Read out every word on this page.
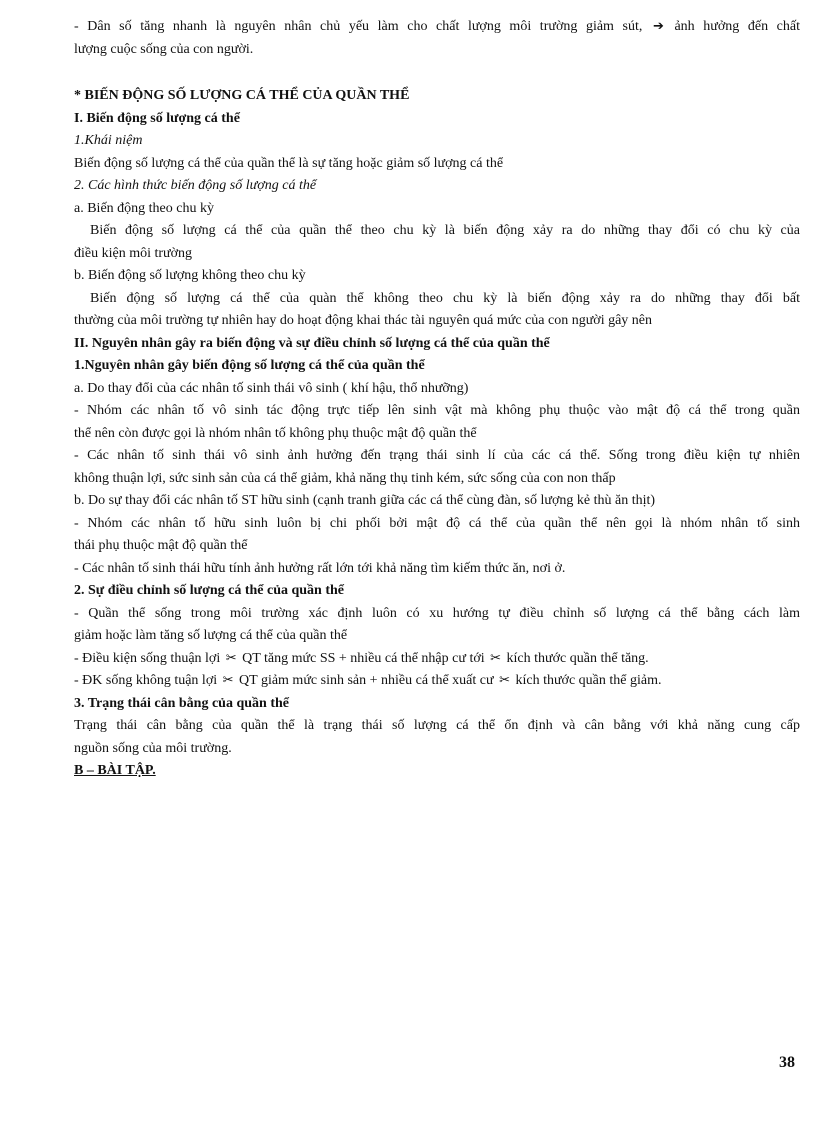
- Dân số tăng nhanh là nguyên nhân chủ yếu làm cho chất lượng môi trường giảm sút, ➔ ảnh hưởng đến chất

lượng cuộc sống của con người.

* BIẾN ĐỘNG SỐ LƯỢNG CÁ THỂ CỦA QUẦN THỂ

I. Biến động số lượng cá thể

1.Khái niệm

Biến động số lượng cá thể của quần thể là sự tăng hoặc giảm số lượng cá thể

2. Các hình thức biến động số lượng cá thể

a. Biến động theo chu kỳ

Biến động số lượng cá thể của quần thể theo chu kỳ là biến động xảy ra do những thay đổi có chu kỳ của

điều kiện môi trường

b. Biến động số lượng không theo chu kỳ

Biến động số lượng cá thể của quàn thể không theo chu kỳ là biến động xảy ra do những thay đổi bất

thường của môi trường tự nhiên hay do hoạt động khai thác tài nguyên quá mức của con người gây nên

II. Nguyên nhân gây ra biến động và sự điều chỉnh số lượng cá thể của quần thể

1.Nguyên nhân gây biến động số lượng cá thể của quần thể

a. Do thay đổi của các nhân tố sinh thái vô sinh ( khí hậu, thổ nhưỡng)

- Nhóm các nhân tố vô sinh tác động trực tiếp lên sinh vật mà không phụ thuộc vào mật độ cá thể trong quần

thể nên còn được gọi là nhóm nhân tố không phụ thuộc mật độ quần thể

- Các nhân tố sinh thái vô sinh ảnh hưởng đến trạng thái sinh lí của các cá thể. Sống trong điều kiện tự nhiên

không thuận lợi, sức sinh sản của cá thể giảm, khả năng thụ tinh kém, sức sống của con non thấp

b. Do sự thay đổi các nhân tố ST hữu sinh (cạnh tranh giữa các cá thể cùng đàn, số lượng kẻ thù ăn thịt)

- Nhóm các nhân tố hữu sinh luôn bị chi phối bởi mật độ cá thể của quần thể nên gọi là nhóm nhân tố sinh

thái phụ thuộc mật độ quần thể

- Các nhân tố sinh thái hữu tính ảnh hưởng rất lớn tới khả năng tìm kiếm thức ăn, nơi ở.

2. Sự điều chỉnh số lượng cá thể của quần thể

- Quần thể sống trong môi trường xác định luôn có xu hướng tự điều chỉnh số lượng cá thể bằng cách làm

giảm hoặc làm tăng số lượng cá thể của quần thể

- Điều kiện sống thuận lợi ✂ QT tăng mức SS + nhiều cá thể nhập cư tới ✂ kích thước quần thể tăng.

- ĐK sống không tuận lợi ✂ QT giảm mức sinh sản + nhiều cá thể xuất cư ✂ kích thước quần thể giảm.

3. Trạng thái cân bằng của quần thể

Trạng thái cân bằng của quần thể là trạng thái số lượng cá thể ổn định và cân bằng với khả năng cung cấp

nguồn sống của môi trường.

B – BÀI TẬP.

38
